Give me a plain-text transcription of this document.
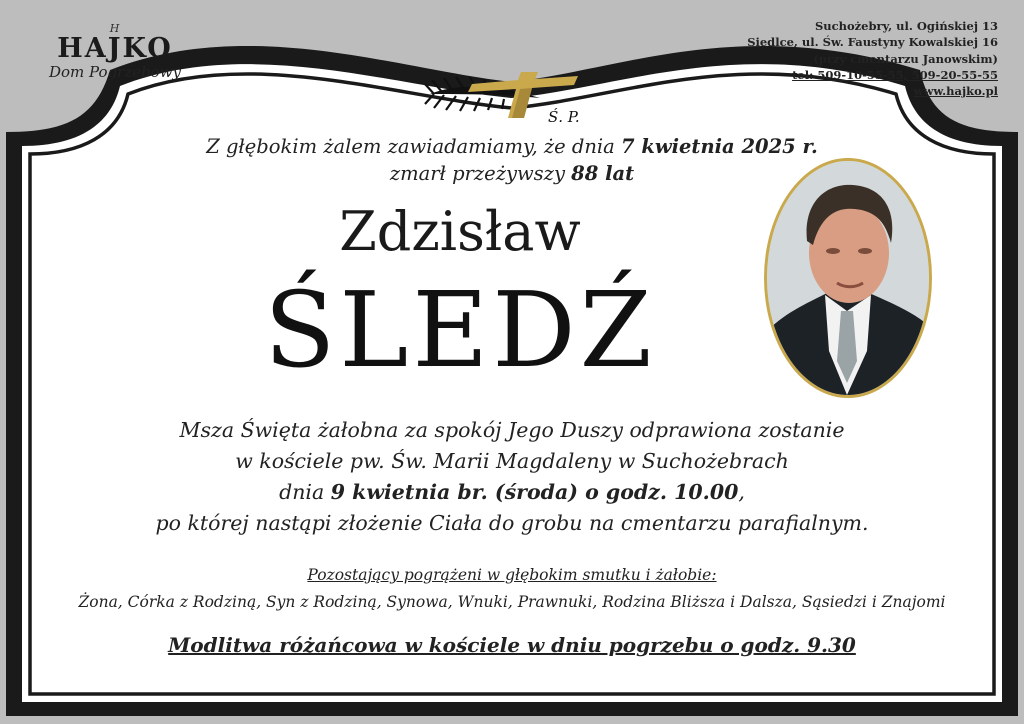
H
HAJKO
Dom Pogrzebowy
Suchożebry, ul. Ogińskiej 13
Siedlce, ul. Św. Faustyny Kowalskiej 16
(przy cmentarzu Janowskim)
tel: 509-10-55-55, 509-20-55-55
www.hajko.pl
Ś. P.
Z głębokim żalem zawiadamiamy, że dnia 7 kwietnia 2025 r.
zmarł przeżywszy 88 lat
Zdzisław
ŚLEDŹ
Msza Święta żałobna za spokój Jego Duszy odprawiona zostanie
w kościele pw. Św. Marii Magdaleny w Suchożebrach
dnia 9 kwietnia br. (środa) o godz. 10.00,
po której nastąpi złożenie Ciała do grobu na cmentarzu parafialnym.
Pozostający pogrążeni w głębokim smutku i żałobie:
Żona, Córka z Rodziną, Syn z Rodziną, Synowa, Wnuki, Prawnuki, Rodzina Bliższa i Dalsza, Sąsiedzi i Znajomi
Modlitwa różańcowa w kościele w dniu pogrzebu o godz. 9.30
